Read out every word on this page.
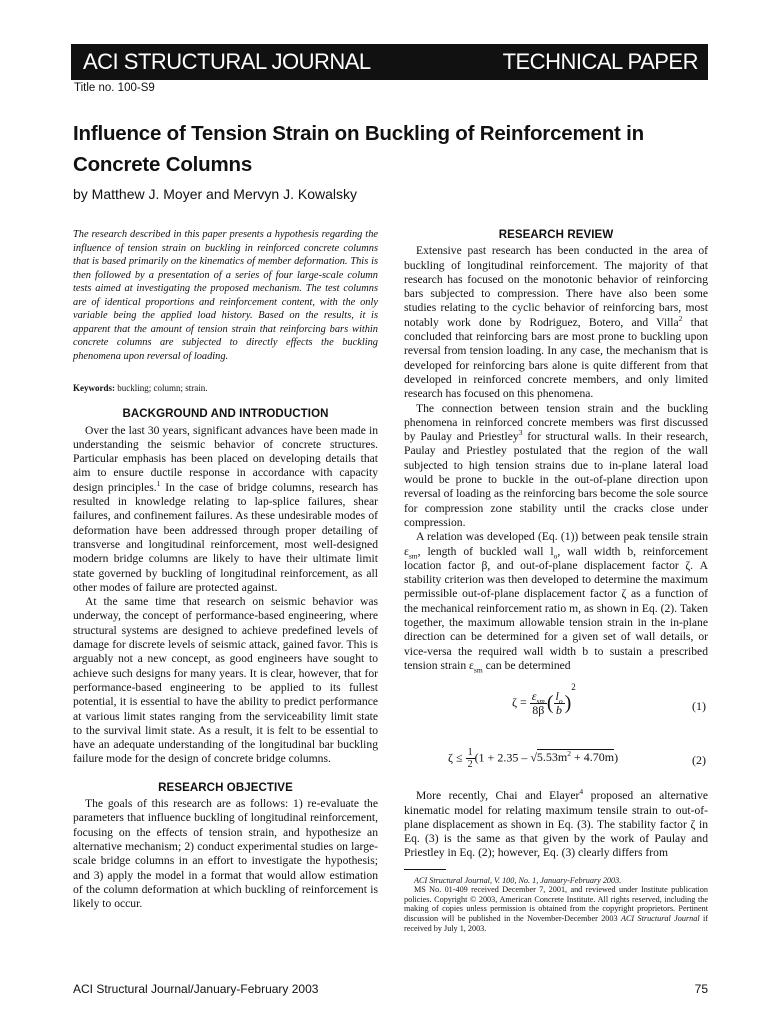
ACI STRUCTURAL JOURNAL	TECHNICAL PAPER
Title no. 100-S9
Influence of Tension Strain on Buckling of Reinforcement in Concrete Columns
by Matthew J. Moyer and Mervyn J. Kowalsky

The research described in this paper presents a hypothesis regarding the influence of tension strain on buckling in reinforced concrete columns that is based primarily on the kinematics of member deformation. This is then followed by a presentation of a series of four large-scale column tests aimed at investigating the proposed mechanism. The test columns are of identical proportions and reinforcement content, with the only variable being the applied load history. Based on the results, it is apparent that the amount of tension strain that reinforcing bars within concrete columns are subjected to directly effects the buckling phenomena upon reversal of loading.

Keywords: buckling; column; strain.

BACKGROUND AND INTRODUCTION

Over the last 30 years, significant advances have been made in understanding the seismic behavior of concrete structures. Particular emphasis has been placed on developing details that aim to ensure ductile response in accordance with capacity design principles.$^1$ In the case of bridge columns, research has resulted in knowledge relating to lap-splice failures, shear failures, and confinement failures. As these undesirable modes of deformation have been addressed through proper detailing of transverse and longitudinal reinforcement, most well-designed modern bridge columns are likely to have their ultimate limit state governed by buckling of longitudinal reinforcement, as all other modes of failure are protected against.

At the same time that research on seismic behavior was underway, the concept of performance-based engineering, where structural systems are designed to achieve predefined levels of damage for discrete levels of seismic attack, gained favor. This is arguably not a new concept, as good engineers have sought to achieve such designs for many years. It is clear, however, that for performance-based engineering to be applied to its fullest potential, it is essential to have the ability to predict performance at various limit states ranging from the serviceability limit state to the survival limit state. As a result, it is felt to be essential to have an adequate understanding of the longitudinal bar buckling failure mode for the design of concrete bridge columns.

RESEARCH OBJECTIVE

The goals of this research are as follows: 1) re-evaluate the parameters that influence buckling of longitudinal reinforcement, focusing on the effects of tension strain, and hypothesize an alternative mechanism; 2) conduct experimental studies on large-scale bridge columns in an effort to investigate the hypothesis; and 3) apply the model in a format that would allow estimation of the column deformation at which buckling of reinforcement is likely to occur.

RESEARCH REVIEW

Extensive past research has been conducted in the area of buckling of longitudinal reinforcement. The majority of that research has focused on the monotonic behavior of reinforcing bars subjected to compression. There have also been some studies relating to the cyclic behavior of reinforcing bars, most notably work done by Rodriguez, Botero, and Villa$^2$ that concluded that reinforcing bars are most prone to buckling upon reversal from tension loading. In any case, the mechanism that is developed for reinforcing bars alone is quite different from that developed in reinforced concrete members, and only limited research has focused on this phenomena.

The connection between tension strain and the buckling phenomena in reinforced concrete members was first discussed by Paulay and Priestley$^3$ for structural walls. In their research, Paulay and Priestley postulated that the region of the wall subjected to high tension strains due to in-plane lateral load would be prone to buckle in the out-of-plane direction upon reversal of loading as the reinforcing bars become the sole source for compression zone stability until the cracks close under compression.

A relation was developed (Eq. (1)) between peak tensile strain $\varepsilon_{sm}$, length of buckled wall $l_o$, wall width b, reinforcement location factor β, and out-of-plane displacement factor ζ. A stability criterion was then developed to determine the maximum permissible out-of-plane displacement factor ζ as a function of the mechanical reinforcement ratio m, as shown in Eq. (2). Taken together, the maximum allowable tension strain in the in-plane direction can be determined for a given set of wall details, or vice-versa the required wall width b to sustain a prescribed tension strain $\varepsilon_{sm}$ can be determined

$\zeta = \frac{\varepsilon_{sm}}{8\beta}$ ( $\frac{l_o}{b} )^2$
(1)
$\zeta \le \frac{1}{2} (1 + 2.35 - √5.53m^2 + 4.70m)$	(2)

More recently, Chai and Elayer$^4$ proposed an alternative kinematic model for relating maximum tensile strain to out-of-plane displacement as shown in Eq. (3). The stability factor ζ in Eq. (3) is the same as that given by the work of Paulay and Priestley in Eq. (2); however, Eq. (3) clearly differs from

ACI Structural Journal, V. 100, No. 1, January-February 2003.

MS No. 01-409 received December 7, 2001, and reviewed under Institute publication policies. Copyright © 2003, American Concrete Institute. All rights reserved, including the making of copies unless permission is obtained from the copyright proprietors. Pertinent discussion will be published in the November-December 2003 ACI Structural Journal if received by July 1, 2003.

ACI Structural Journal/January-February 2003	75
